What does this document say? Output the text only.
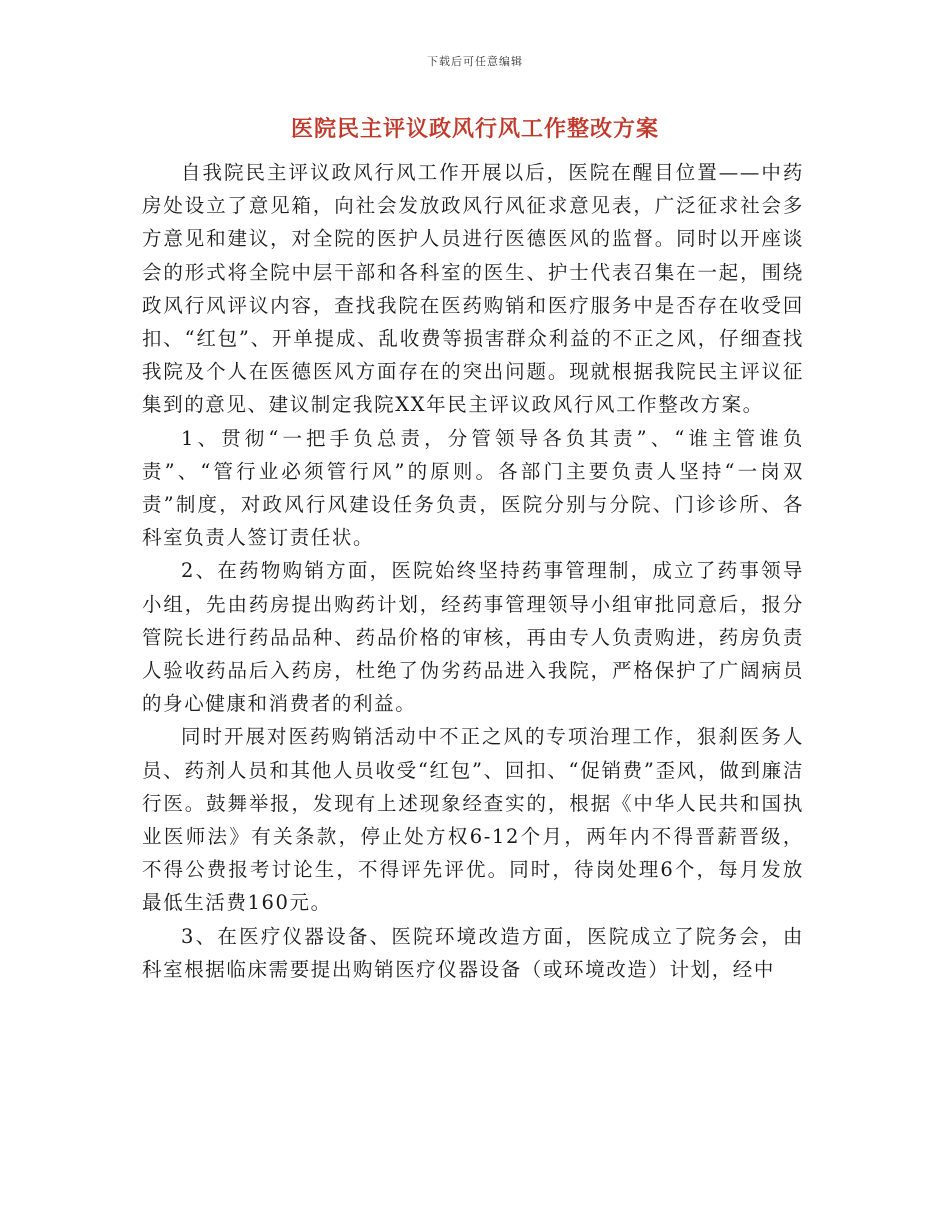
下载后可任意编辑
医院民主评议政风行风工作整改方案

自我院民主评议政风行风工作开展以后，医院在醒目位置——中药房处设立了意见箱，向社会发放政风行风征求意见表，广泛征求社会多方意见和建议，对全院的医护人员进行医德医风的监督。同时以开座谈会的形式将全院中层干部和各科室的医生、护士代表召集在一起，围绕政风行风评议内容，查找我院在医药购销和医疗服务中是否存在收受回扣、“红包”、开单提成、乱收费等损害群众利益的不正之风，仔细查找我院及个人在医德医风方面存在的突出问题。现就根据我院民主评议征集到的意见、建议制定我院XX年民主评议政风行风工作整改方案。

1、贯彻“一把手负总责，分管领导各负其责”、“谁主管谁负责”、“管行业必须管行风”的原则。各部门主要负责人坚持“一岗双责”制度，对政风行风建设任务负责，医院分别与分院、门诊诊所、各科室负责人签订责任状。

2、在药物购销方面，医院始终坚持药事管理制，成立了药事领导小组，先由药房提出购药计划，经药事管理领导小组审批同意后，报分管院长进行药品品种、药品价格的审核，再由专人负责购进，药房负责人验收药品后入药房，杜绝了伪劣药品进入我院，严格保护了广阔病员的身心健康和消费者的利益。

同时开展对医药购销活动中不正之风的专项治理工作，狠刹医务人员、药剂人员和其他人员收受“红包”、回扣、“促销费”歪风，做到廉洁行医。鼓舞举报，发现有上述现象经查实的，根据《中华人民共和国执业医师法》有关条款，停止处方权6-12个月，两年内不得晋薪晋级，不得公费报考讨论生，不得评先评优。同时，待岗处理6个，每月发放最低生活费160元。

3、在医疗仪器设备、医院环境改造方面，医院成立了院务会，由科室根据临床需要提出购销医疗仪器设备（或环境改造）计划，经中
